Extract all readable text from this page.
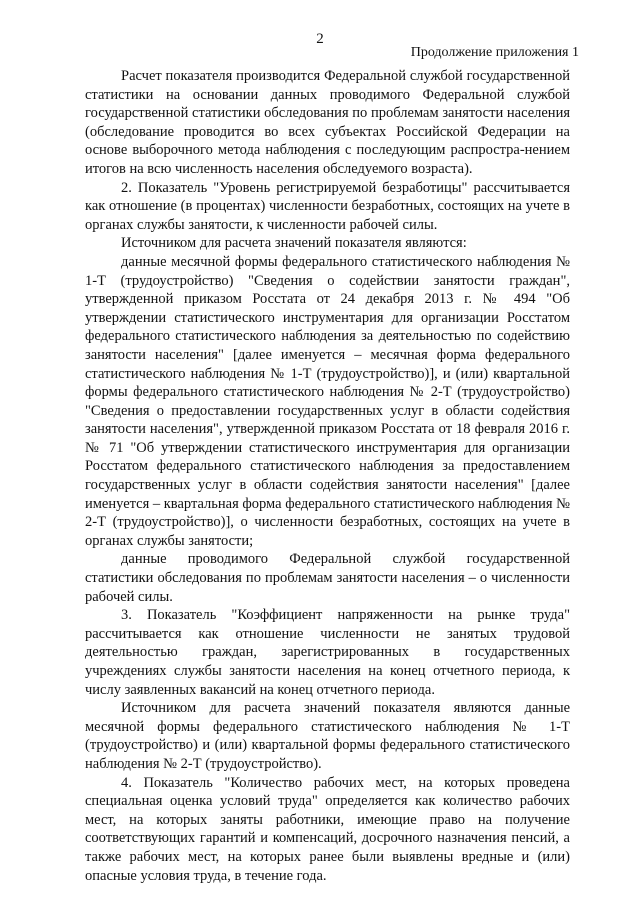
2
Продолжение приложения 1

Расчет показателя производится Федеральной службой государственной статистики на основании данных проводимого Федеральной службой государственной статистики обследования по проблемам занятости населения (обследование проводится во всех субъектах Российской Федерации на основе выборочного метода наблюдения с последующим распростра-нением итогов на всю численность населения обследуемого возраста).

2. Показатель "Уровень регистрируемой безработицы" рассчитывается как отношение (в процентах) численности безработных, состоящих на учете в органах службы занятости, к численности рабочей силы.

Источником для расчета значений показателя являются:

данные месячной формы федерального статистического наблюдения № 1-Т (трудоустройство) "Сведения о содействии занятости граждан", утвержденной приказом Росстата от 24 декабря 2013 г. № 494 "Об утверждении статистического инструментария для организации Росстатом федерального статистического наблюдения за деятельностью по содействию занятости населения" [далее именуется – месячная форма федерального статистического наблюдения № 1-Т (трудоустройство)], и (или) квартальной формы федерального статистического наблюдения № 2-Т (трудоустройство) "Сведения о предоставлении государственных услуг в области содействия занятости населения", утвержденной приказом Росстата от 18 февраля 2016 г. № 71 "Об утверждении статистического инструментария для организации Росстатом федерального статистического наблюдения за предоставлением государственных услуг в области содействия занятости населения" [далее именуется – квартальная форма федерального статистического наблюдения № 2-Т (трудоустройство)], о численности безработных, состоящих на учете в органах службы занятости;

данные проводимого Федеральной службой государственной статистики обследования по проблемам занятости населения – о численности рабочей силы.

3. Показатель "Коэффициент напряженности на рынке труда" рассчитывается как отношение численности не занятых трудовой деятельностью граждан, зарегистрированных в государственных учреждениях службы занятости населения на конец отчетного периода, к числу заявленных вакансий на конец отчетного периода.

Источником для расчета значений показателя являются данные месячной формы федерального статистического наблюдения № 1-Т (трудоустройство) и (или) квартальной формы федерального статистического наблюдения № 2-Т (трудоустройство).

4. Показатель "Количество рабочих мест, на которых проведена специальная оценка условий труда" определяется как количество рабочих мест, на которых заняты работники, имеющие право на получение соответствующих гарантий и компенсаций, досрочного назначения пенсий, а также рабочих мест, на которых ранее были выявлены вредные и (или) опасные условия труда, в течение года.
